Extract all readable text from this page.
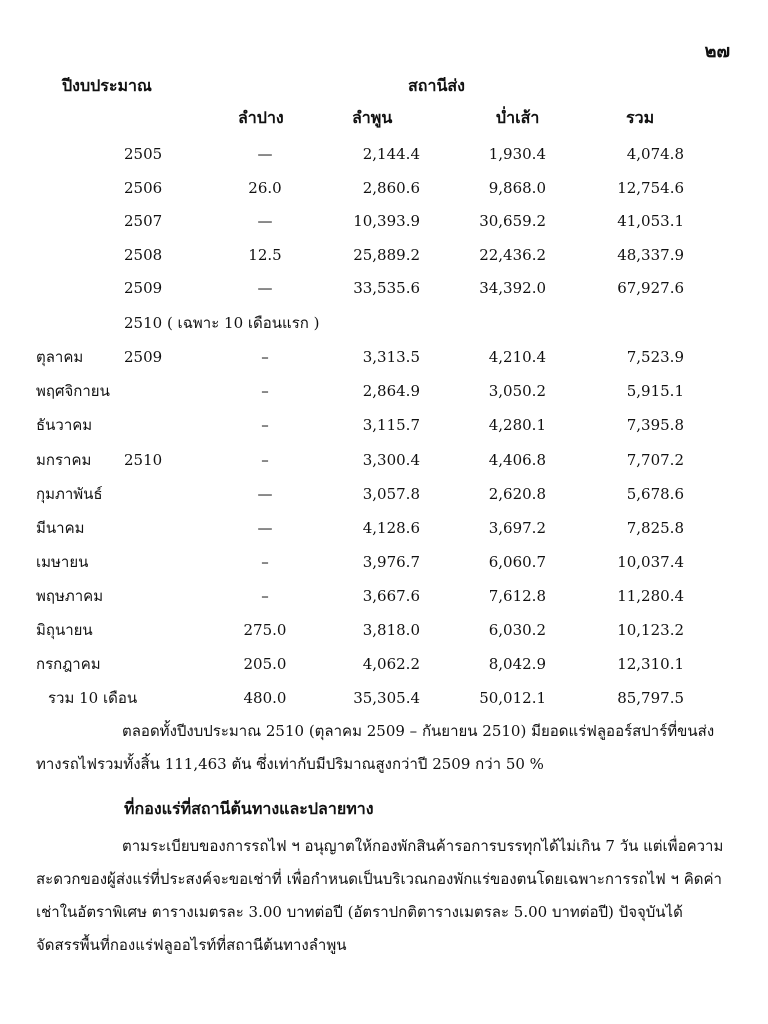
๒๗
ปีงบประมาณ	สถานีส่ง
ลำปาง	ลำพูน	บ่ำเส้า	รวม
2505	—	2,144.4	1,930.4	4,074.8
2506	26.0	2,860.6	9,868.0	12,754.6
2507	—	10,393.9	30,659.2	41,053.1
2508	12.5	25,889.2	22,436.2	48,337.9
2509	—	33,535.6	34,392.0	67,927.6
2510 ( เฉพาะ 10 เดือนแรก )
ตุลาคม	2509	–	3,313.5	4,210.4	7,523.9
พฤศจิกายน	–	2,864.9	3,050.2	5,915.1
ธันวาคม	–	3,115.7	4,280.1	7,395.8
มกราคม 2510	–	3,300.4	4,406.8	7,707.2
กุมภาพันธ์	—	3,057.8	2,620.8	5,678.6
มีนาคม	—	4,128.6	3,697.2	7,825.8
เมษายน	–	3,976.7	6,060.7	10,037.4
พฤษภาคม	–	3,667.6	7,612.8	11,280.4
มิถุนายน	275.0	3,818.0	6,030.2	10,123.2
กรกฎาคม	205.0	4,062.2	8,042.9	12,310.1
รวม 10 เดือน	480.0	35,305.4	50,012.1	85,797.5
ตลอดทั้งปีงบประมาณ 2510 (ตุลาคม 2509 – กันยายน 2510) มียอดแร่ฟลูออร์สปาร์ที่ขนส่งทางรถไฟรวมทั้งสิ้น 111,463 ตัน ซึ่งเท่ากับมีปริมาณสูงกว่าปี 2509 กว่า 50 %
ที่กองแร่ที่สถานีต้นทางและปลายทาง
ตามระเบียบของการรถไฟ ฯ อนุญาตให้กองพักสินค้ารอการบรรทุกได้ไม่เกิน 7 วัน แต่เพื่อความสะดวกของผู้ส่งแร่ที่ประสงค์จะขอเช่าที่ เพื่อกำหนดเป็นบริเวณกองพักแร่ของตนโดยเฉพาะการรถไฟ ฯ คิดค่าเช่าในอัตราพิเศษ ตารางเมตรละ 3.00 บาทต่อปี (อัตราปกติตารางเมตรละ 5.00 บาทต่อปี) ปัจจุบันได้จัดสรรพื้นที่กองแร่ฟลูออไรท์ที่สถานีต้นทางลำพูน
